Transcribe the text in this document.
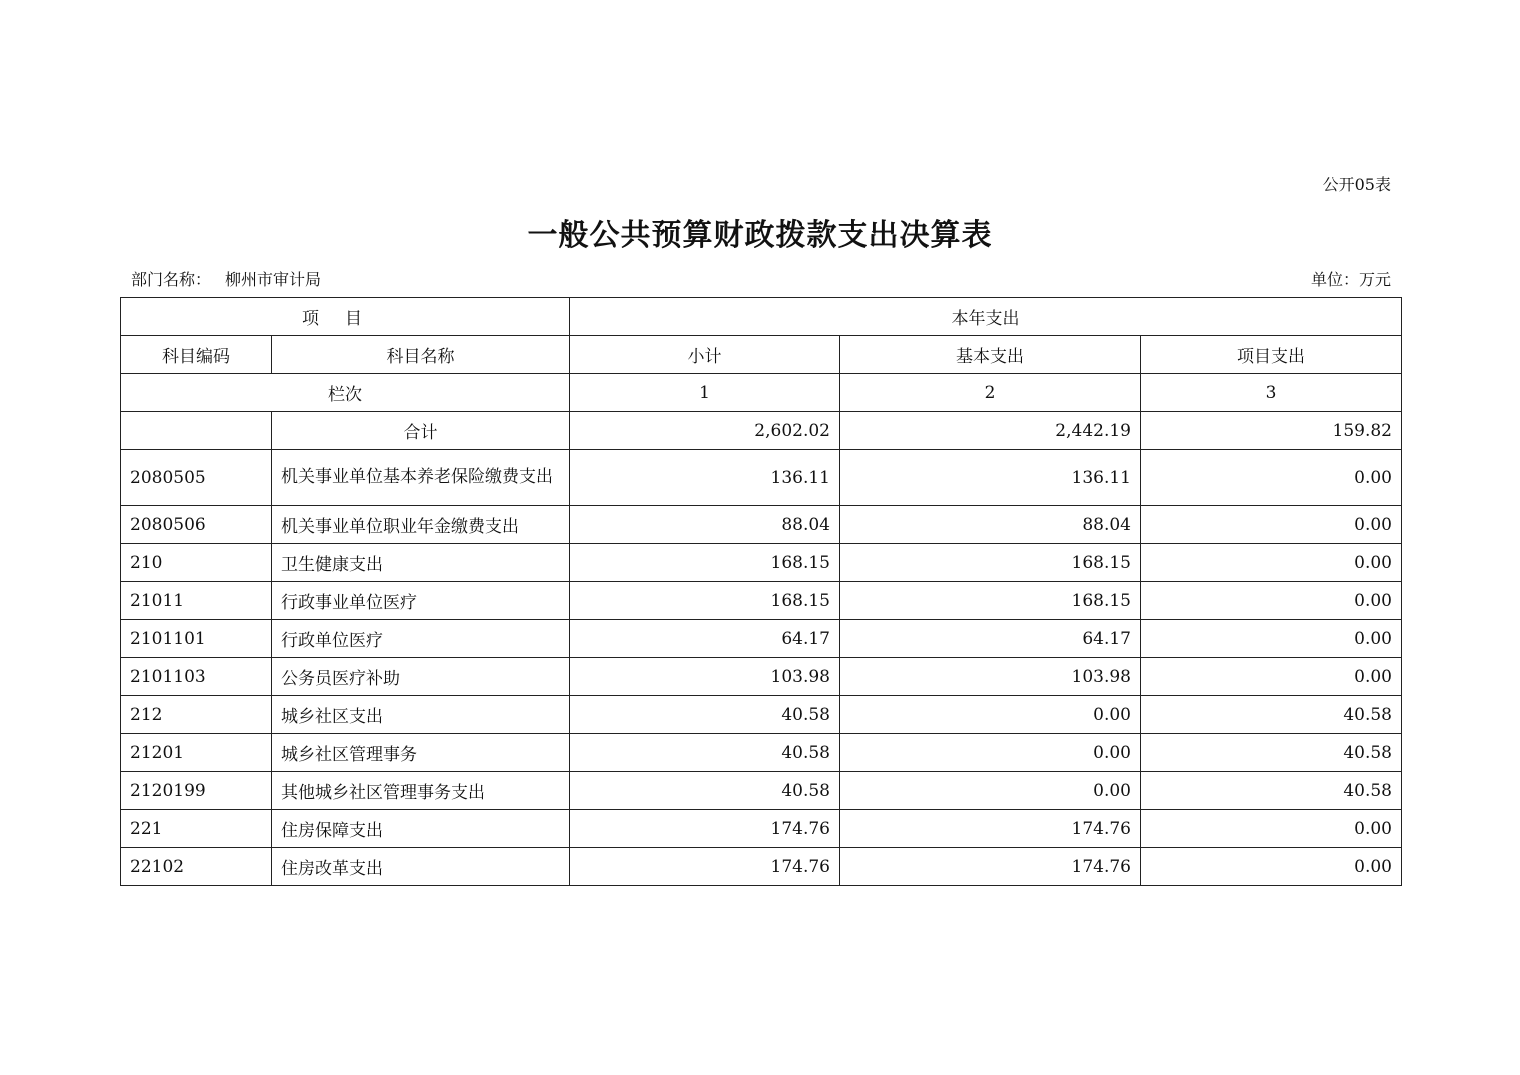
公开05表
一般公共预算财政拨款支出决算表
部门名称： 柳州市审计局	单位：万元
项目		本年支出		
科目编码	科目名称	小计	基本支出	项目支出
栏次		1	2	3
	合计	2,602.02	2,442.19	159.82
2080505	机关事业单位基本养老保险缴费支出	136.11	136.11	0.00
2080506	机关事业单位职业年金缴费支出	88.04	88.04	0.00
210	卫生健康支出	168.15	168.15	0.00
21011	行政事业单位医疗	168.15	168.15	0.00
2101101	行政单位医疗	64.17	64.17	0.00
2101103	公务员医疗补助	103.98	103.98	0.00
212	城乡社区支出	40.58	0.00	40.58
21201	城乡社区管理事务	40.58	0.00	40.58
2120199	其他城乡社区管理事务支出	40.58	0.00	40.58
221	住房保障支出	174.76	174.76	0.00
22102	住房改革支出	174.76	174.76	0.00
